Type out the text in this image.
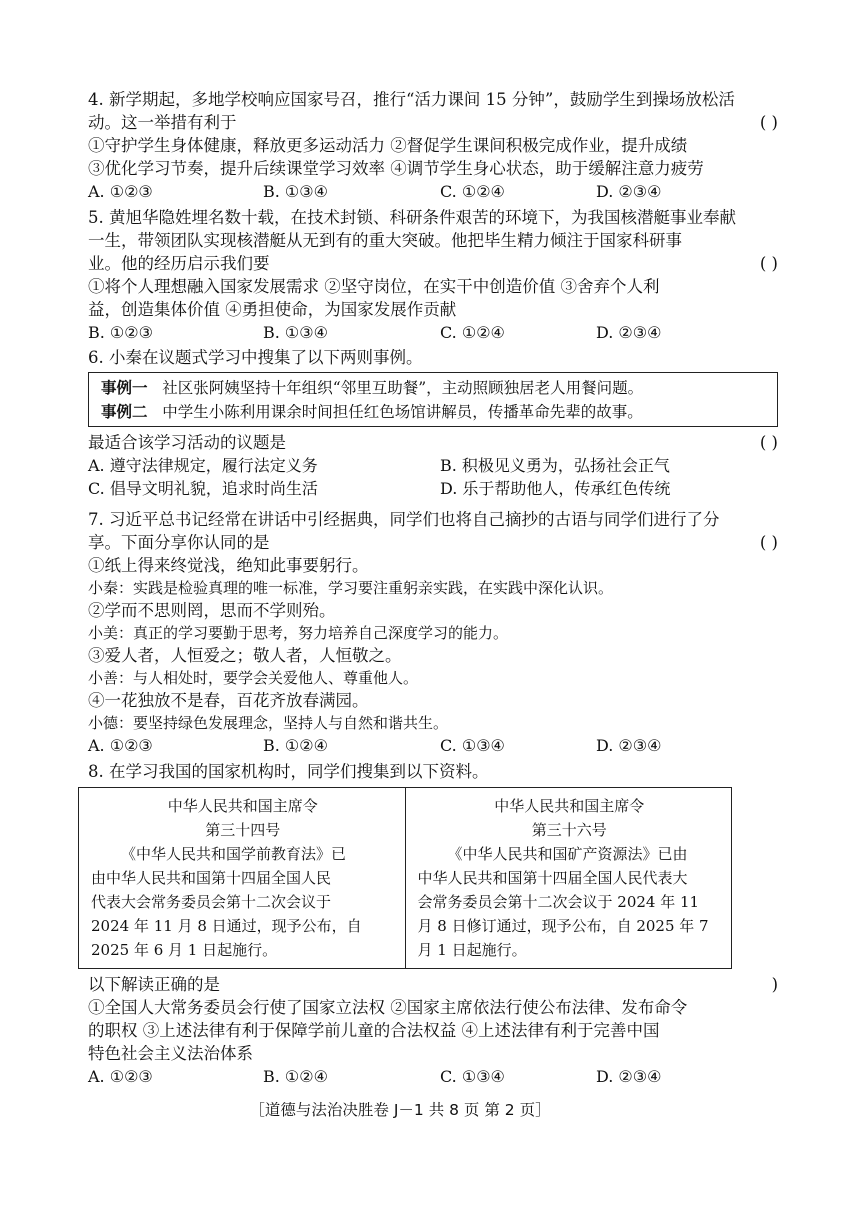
4. 新学期起，多地学校响应国家号召，推行“活力课间 15 分钟”，鼓励学生到操场放松活
动。这一举措有利于	( )
①守护学生身体健康，释放更多运动活力 ②督促学生课间积极完成作业，提升成绩
③优化学习节奏，提升后续课堂学习效率 ④调节学生身心状态，助于缓解注意力疲劳
A. ①②③	B. ①③④	C. ①②④	D. ②③④
5. 黄旭华隐姓埋名数十载，在技术封锁、科研条件艰苦的环境下，为我国核潜艇事业奉献
一生，带领团队实现核潜艇从无到有的重大突破。他把毕生精力倾注于国家科研事
业。他的经历启示我们要	( )
①将个人理想融入国家发展需求 ②坚守岗位，在实干中创造价值 ③舍弃个人利
益，创造集体价值 ④勇担使命，为国家发展作贡献
B. ①②③	B. ①③④	C. ①②④	D. ②③④
6. 小秦在议题式学习中搜集了以下两则事例。
事例一 社区张阿姨坚持十年组织“邻里互助餐”，主动照顾独居老人用餐问题。
事例二 中学生小陈利用课余时间担任红色场馆讲解员，传播革命先辈的故事。
最适合该学习活动的议题是	( )
A. 遵守法律规定，履行法定义务	B. 积极见义勇为，弘扬社会正气
C. 倡导文明礼貌，追求时尚生活	D. 乐于帮助他人，传承红色传统
7. 习近平总书记经常在讲话中引经据典，同学们也将自己摘抄的古语与同学们进行了分
享。下面分享你认同的是	( )
①纸上得来终觉浅，绝知此事要躬行。
小秦：实践是检验真理的唯一标准，学习要注重躬亲实践，在实践中深化认识。
②学而不思则罔，思而不学则殆。
小美：真正的学习要勤于思考，努力培养自己深度学习的能力。
③爱人者，人恒爱之；敬人者，人恒敬之。
小善：与人相处时，要学会关爱他人、尊重他人。
④一花独放不是春，百花齐放春满园。
小德：要坚持绿色发展理念，坚持人与自然和谐共生。
A. ①②③	B. ①②④	C. ①③④	D. ②③④
8. 在学习我国的国家机构时，同学们搜集到以下资料。
中华人民共和国主席令
第三十四号
《中华人民共和国学前教育法》已
由中华人民共和国第十四届全国人民
代表大会常务委员会第十二次会议于
2024 年 11 月 8 日通过，现予公布，自
2025 年 6 月 1 日起施行。
中华人民共和国主席令
第三十六号
《中华人民共和国矿产资源法》已由
中华人民共和国第十四届全国人民代表大
会常务委员会第十二次会议于 2024 年 11
月 8 日修订通过，现予公布，自 2025 年 7
月 1 日起施行。
以下解读正确的是	)
①全国人大常务委员会行使了国家立法权 ②国家主席依法行使公布法律、发布命令
的职权 ③上述法律有利于保障学前儿童的合法权益 ④上述法律有利于完善中国
特色社会主义法治体系
A. ①②③	B. ①②④	C. ①③④	D. ②③④
［道德与法治决胜卷 J－1 共 8 页 第 2 页］
